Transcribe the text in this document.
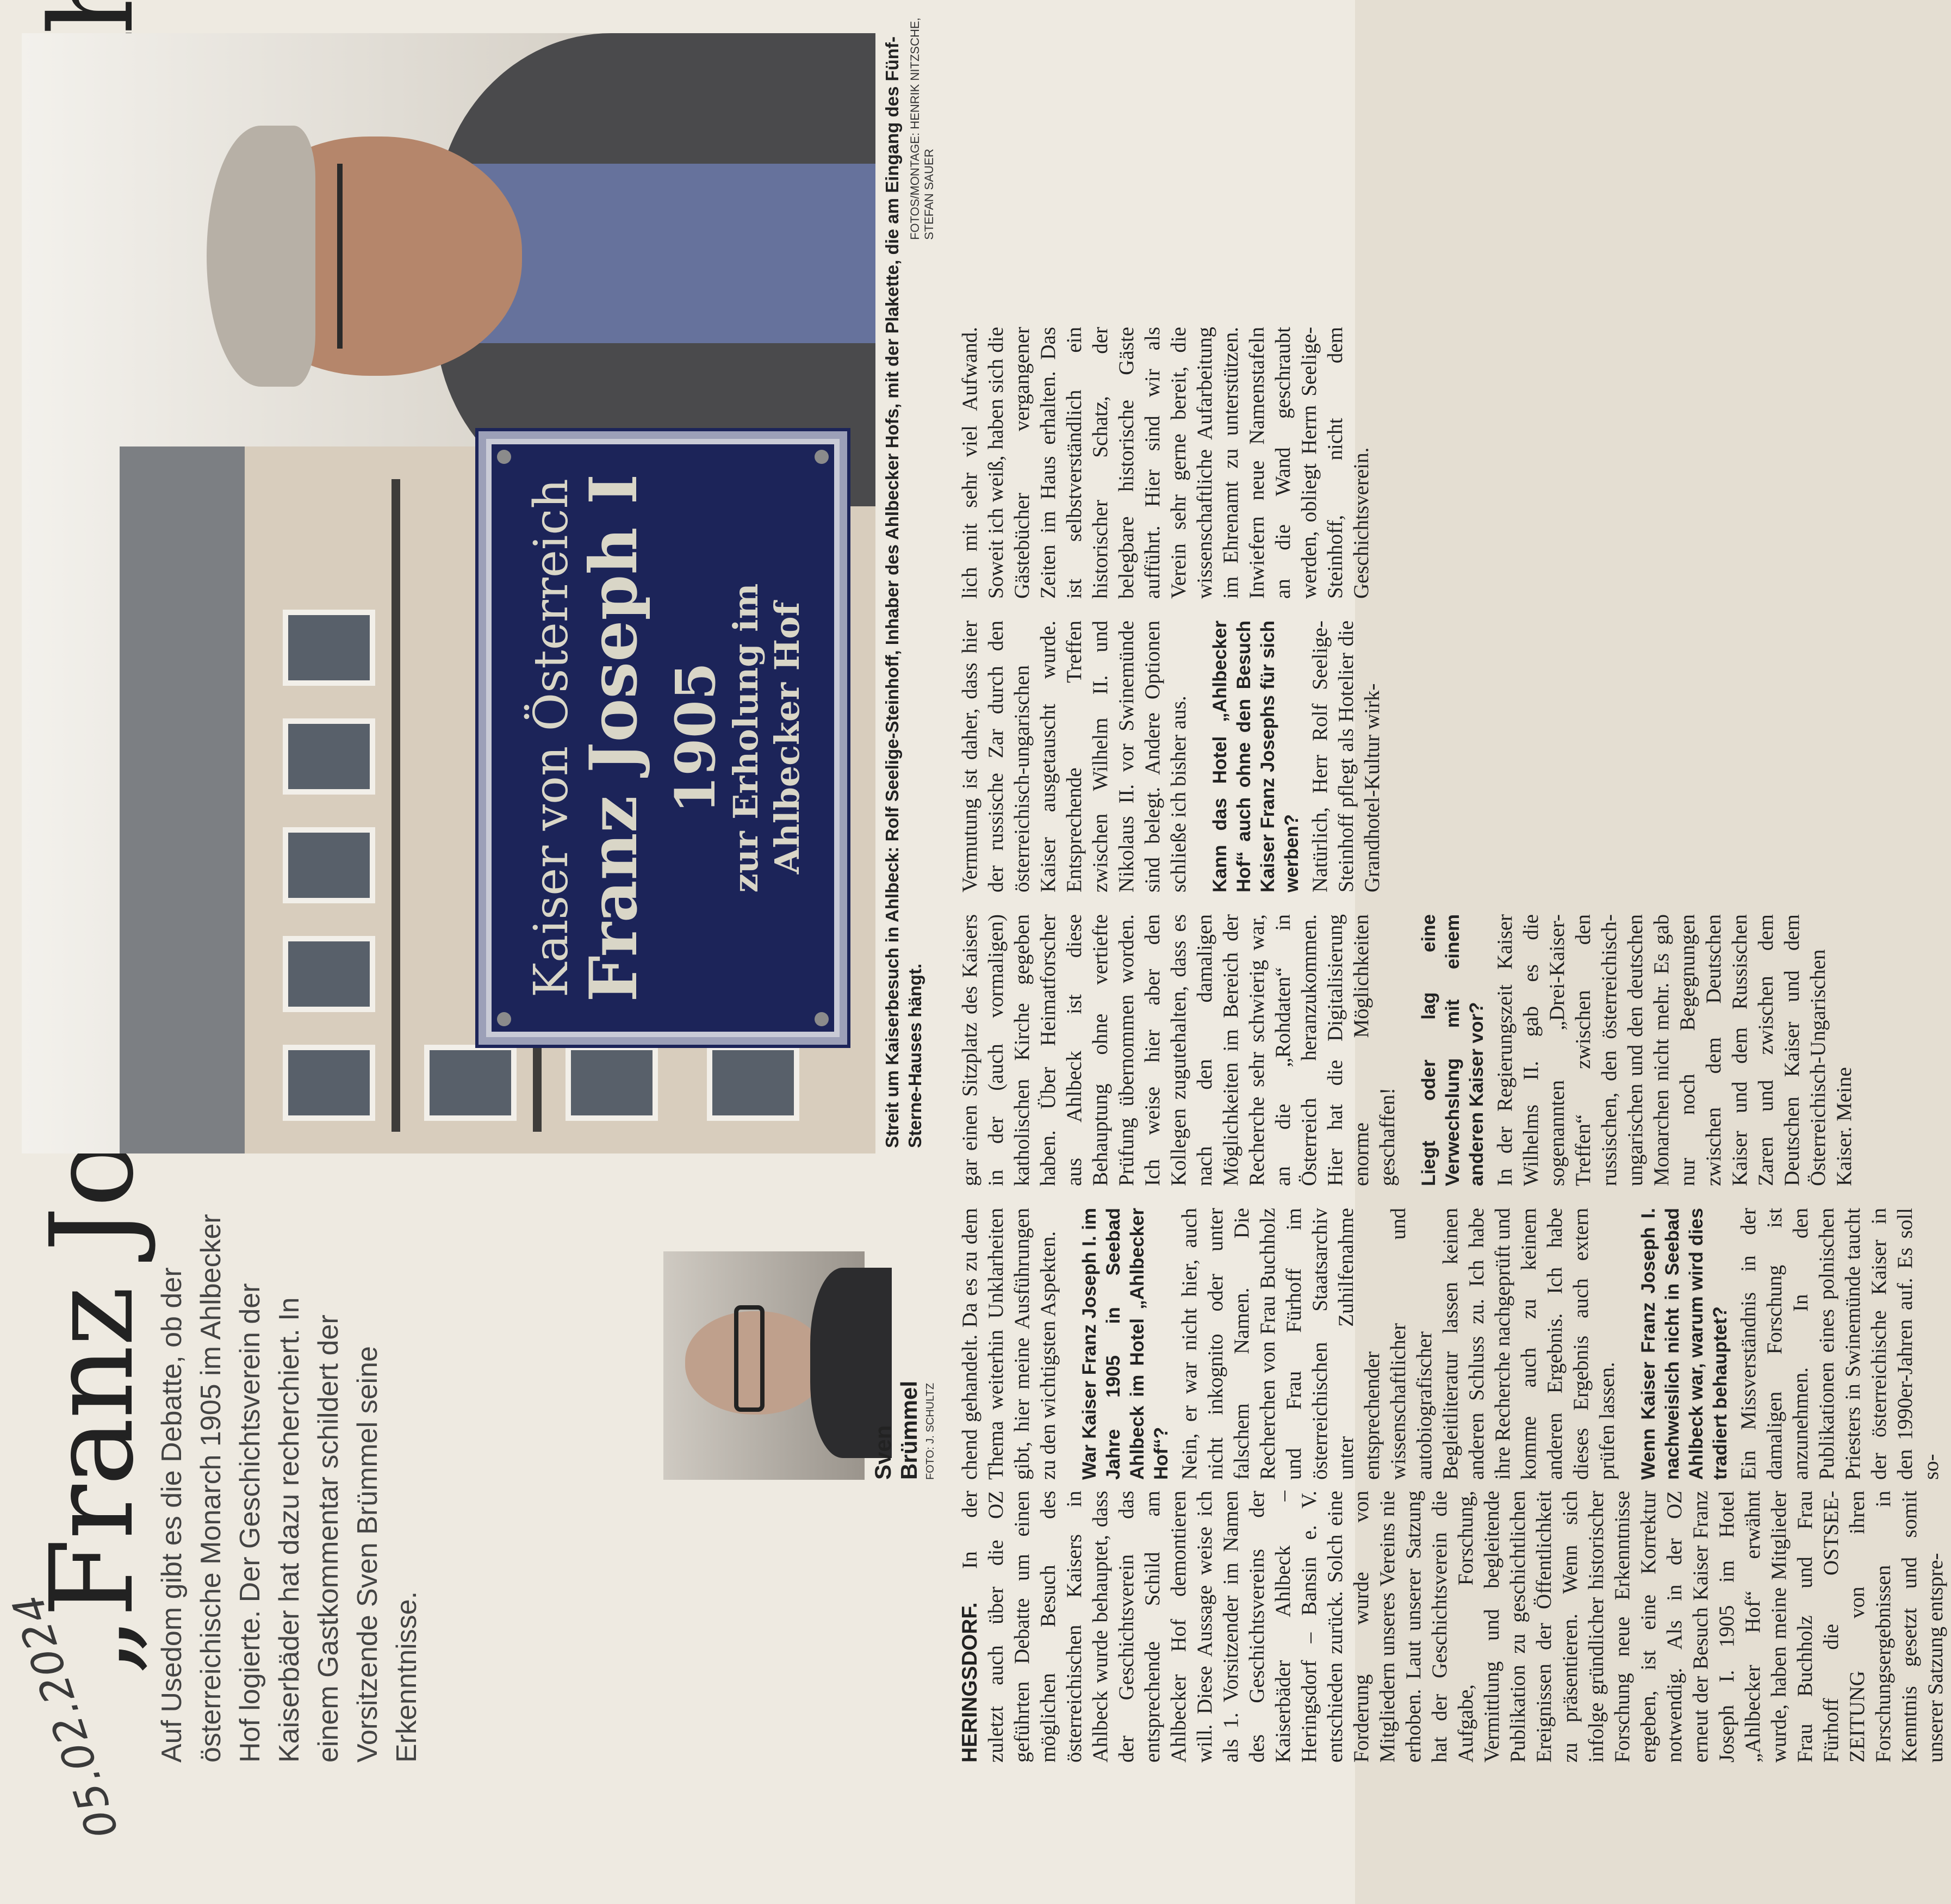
05.02.2024 Auf Usedom gibt es die Debatte, ob der österreichische Monarch 1905 im Ahlbecker Hof logierte. Der Geschichtsverein der Kaiserbäder hat dazu recherchiert. In einem Gastkommentar schildert der Vorsitzende Sven Brümmel seine Erkenntnisse.
Kaiser von Österreich
Franz Joseph I 1905
zur Erholung im Ahlbecker Hof	Streit um Kaiserbesuch in Ahlbeck: Rolf Seelige-Steinhoff, Inhaber des Ahlbecker Hofs, mit der Plakette, die am Eingang des Fünf-Sterne-Hauses hängt.
FOTOS/MONTAGE: HENRIK NITZSCHE, STEFAN SAUER

HERINGSDORF. In der zuletzt auch über die OZ geführten Debatte um einen möglichen Besuch des österreichischen Kaisers in Ahlbeck wurde behauptet, dass der Geschichtsverein das entsprechende Schild am Ahlbecker Hof demontieren will. Diese Aussage weise ich als 1. Vorsitzender im Namen des Geschichtsvereins der Kaiserbäder Ahlbeck – Heringsdorf – Bansin e. V. entschieden zurück. Solch eine Forderung wurde von Mitgliedern unseres Vereins nie erhoben. Laut unserer Satzung hat der Geschichtsverein die Aufgabe, Forschung, Vermittlung und begleitende Publikation zu geschichtlichen Ereignissen der Öffentlichkeit zu präsentieren. Wenn sich infolge gründlicher historischer Forschung neue Erkenntnisse ergeben, ist eine Korrektur notwendig. Als in der OZ erneut der Besuch Kaiser Franz Joseph I. 1905 im Hotel „Ahlbecker Hof“ erwähnt wurde, haben meine Mitglieder Frau Buchholz und Frau Fürhoff die OSTSEE-ZEITUNG von ihren Forschungsergebnissen in Kenntnis gesetzt und somit unserer Satzung entspre-

Sven Brümmel FOTO: J. SCHULTZ chend gehandelt. Da es zu dem Thema weiterhin Unklarheiten gibt, hier meine Ausführungen zu den wichtigsten Aspekten. War Kaiser Franz Joseph I. im Jahre 1905 in Seebad Ahlbeck im Hotel „Ahlbecker Hof“? Nein, er war nicht hier, auch nicht inkognito oder unter falschem Namen. Die Recherchen von Frau Buchholz und Frau Fürhoff im österreichischen Staatsarchiv unter Zuhilfenahme entsprechender wissenschaftlicher und autobiografischer Begleitliteratur lassen keinen anderen Schluss zu. Ich habe ihre Recherche nachgeprüft und komme auch zu keinem anderen Ergebnis. Ich habe dieses Ergebnis auch extern prüfen lassen. Wenn Kaiser Franz Joseph I. nachweislich nicht in Seebad Ahlbeck war, warum wird dies tradiert behauptet? Ein Missverständnis in der damaligen Forschung ist anzunehmen. In den Publikationen eines polnischen Priesters in Swinemünde taucht der österreichische Kaiser in den 1990er-Jahren auf. Es soll so-

gar einen Sitzplatz des Kaisers in der (auch vormaligen) katholischen Kirche gegeben haben. Über Heimatforscher aus Ahlbeck ist diese Behauptung ohne vertiefte Prüfung übernommen worden. Ich weise hier aber den Kollegen zugutehalten, dass es nach den damaligen Möglichkeiten im Bereich der Recherche sehr schwierig war, an die „Rohdaten“ in Österreich heranzukommen. Hier hat die Digitalisierung enorme Möglichkeiten geschaffen! Liegt oder lag eine Verwechslung mit einem anderen Kaiser vor? In der Regierungszeit Kaiser Wilhelms II. gab es die sogenannten „Drei-Kaiser-Treffen“ zwischen den russischen, den österreichisch-ungarischen und den deutschen Monarchen nicht mehr. Es gab nur noch Begegnungen zwischen dem Deutschen Kaiser und dem Russischen Zaren und zwischen dem Deutschen Kaiser und dem Österreichisch-Ungarischen Kaiser. Meine

Vermutung ist daher, dass hier der russische Zar durch den österreichisch-ungarischen Kaiser ausgetauscht wurde. Entsprechende Treffen zwischen Wilhelm II. und Nikolaus II. vor Swinemünde sind belegt. Andere Optionen schließe ich bisher aus. Kann das Hotel „Ahlbecker Hof“ auch ohne den Besuch Kaiser Franz Josephs für sich werben? Natürlich, Herr Rolf Seelige-Steinhoff pflegt als Hotelier die Grandhotel-Kultur wirk-

lich mit sehr viel Aufwand. Soweit ich weiß, haben sich die Gästebücher vergangener Zeiten im Haus erhalten. Das ist selbstverständlich ein historischer Schatz, der belegbare historische Gäste aufführt. Hier sind wir als Verein sehr gerne bereit, die wissenschaftliche Aufarbeitung im Ehrenamt zu unterstützen. Inwiefern neue Namenstafeln an die Wand geschraubt werden, obliegt Herrn Seelige-Steinhoff, nicht dem Geschichtsverein.
